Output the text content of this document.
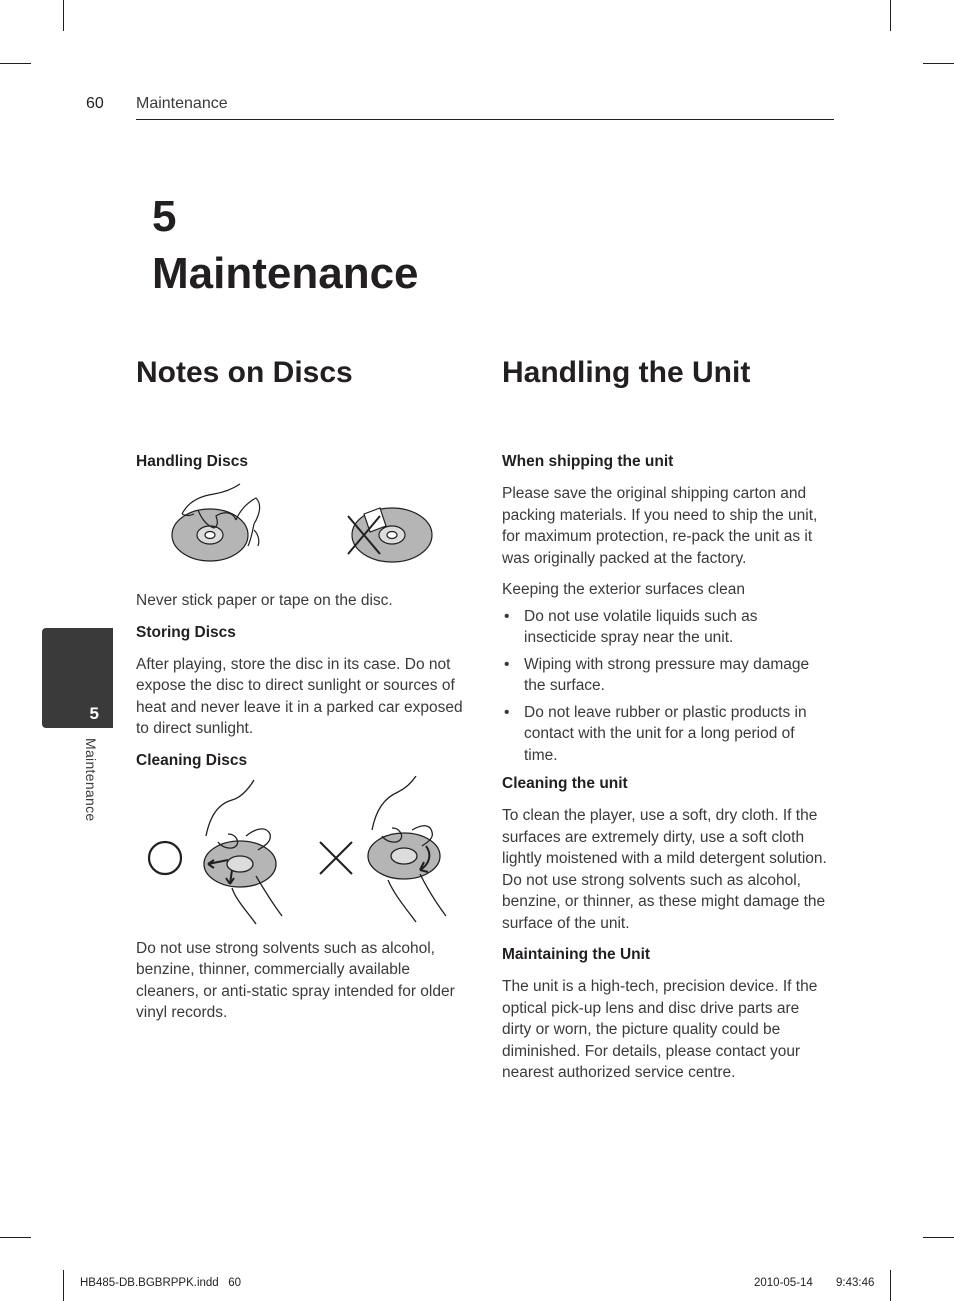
60 Maintenance
5
Maintenance
5
Maintenance
Notes on Discs
Handling Discs

Never stick paper or tape on the disc.

Storing Discs

After playing, store the disc in its case. Do not expose the disc to direct sunlight or sources of heat and never leave it in a parked car exposed to direct sunlight.

Cleaning Discs

Do not use strong solvents such as alcohol, benzine, thinner, commercially available cleaners, or anti-static spray intended for older vinyl records.

Handling the Unit
When shipping the unit

Please save the original shipping carton and packing materials. If you need to ship the unit, for maximum protection, re-pack the unit as it was originally packed at the factory.

Keeping the exterior surfaces clean

• Do not use volatile liquids such as insecticide spray near the unit.
• Wiping with strong pressure may damage the surface.
• Do not leave rubber or plastic products in contact with the unit for a long period of time.
Cleaning the unit

To clean the player, use a soft, dry cloth. If the surfaces are extremely dirty, use a soft cloth lightly moistened with a mild detergent solution. Do not use strong solvents such as alcohol, benzine, or thinner, as these might damage the surface of the unit.

Maintaining the Unit

The unit is a high-tech, precision device. If the optical pick-up lens and disc drive parts are dirty or worn, the picture quality could be diminished. For details, please contact your nearest authorized service centre.

HB485-DB.BGBRPPK.indd   60	2010-05-14 9:43:46
